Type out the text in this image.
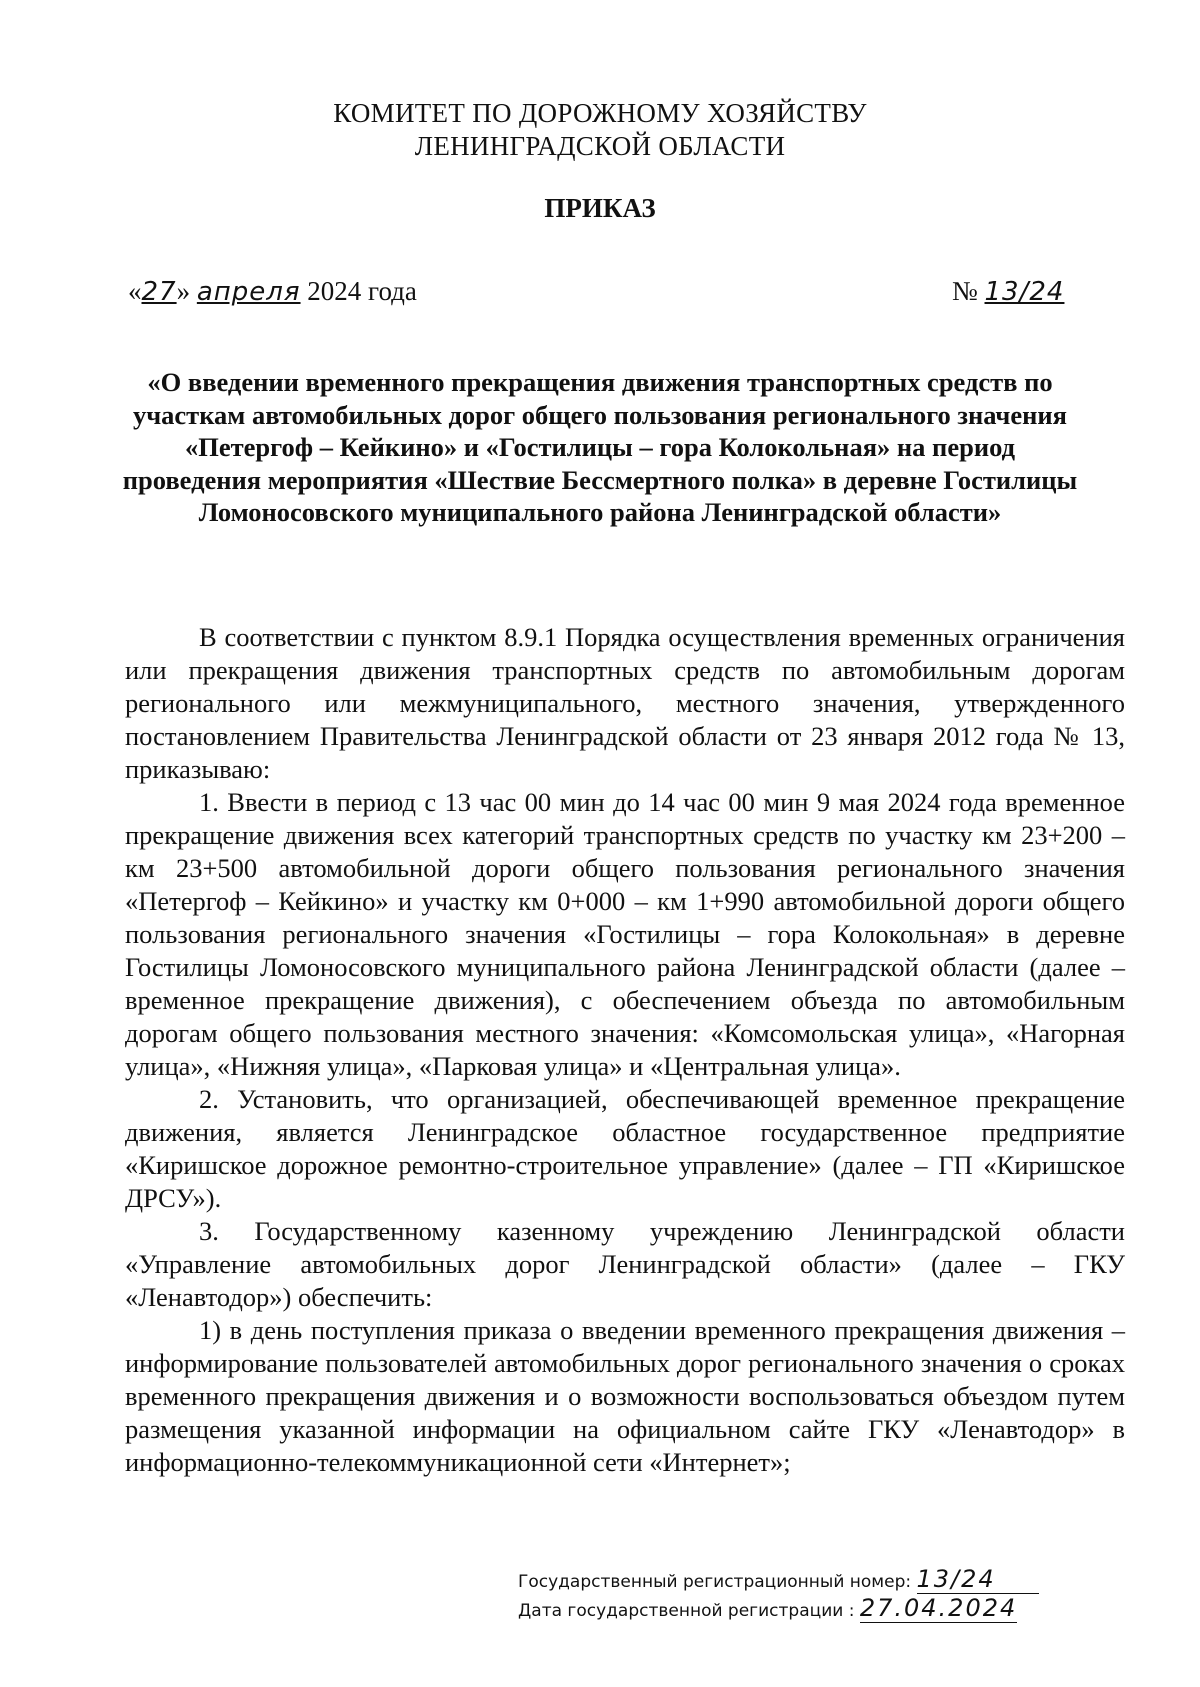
КОМИТЕТ ПО ДОРОЖНОМУ ХОЗЯЙСТВУ
ЛЕНИНГРАДСКОЙ ОБЛАСТИ
ПРИКАЗ
«27» апреля 2024 года	№ 13/24
«О введении временного прекращения движения транспортных средств по участкам автомобильных дорог общего пользования регионального значения «Петергоф – Кейкино» и «Гостилицы – гора Колокольная» на период проведения мероприятия «Шествие Бессмертного полка» в деревне Гостилицы Ломоносовского муниципального района Ленинградской области»

В соответствии с пунктом 8.9.1 Порядка осуществления временных ограничения или прекращения движения транспортных средств по автомобильным дорогам регионального или межмуниципального, местного значения, утвержденного постановлением Правительства Ленинградской области от 23 января 2012 года № 13, приказываю:

1. Ввести в период с 13 час 00 мин до 14 час 00 мин 9 мая 2024 года временное прекращение движения всех категорий транспортных средств по участку км 23+200 – км 23+500 автомобильной дороги общего пользования регионального значения «Петергоф – Кейкино» и участку км 0+000 – км 1+990 автомобильной дороги общего пользования регионального значения «Гостилицы – гора Колокольная» в деревне Гостилицы Ломоносовского муниципального района Ленинградской области (далее – временное прекращение движения), с обеспечением объезда по автомобильным дорогам общего пользования местного значения: «Комсомольская улица», «Нагорная улица», «Нижняя улица», «Парковая улица» и «Центральная улица».

2. Установить, что организацией, обеспечивающей временное прекращение движения, является Ленинградское областное государственное предприятие «Киришское дорожное ремонтно-строительное управление» (далее – ГП «Киришское ДРСУ»).

3. Государственному казенному учреждению Ленинградской области «Управление автомобильных дорог Ленинградской области» (далее – ГКУ «Ленавтодор») обеспечить:

1) в день поступления приказа о введении временного прекращения движения – информирование пользователей автомобильных дорог регионального значения о сроках временного прекращения движения и о возможности воспользоваться объездом путем размещения указанной информации на официальном сайте ГКУ «Ленавтодор» в информационно-телекоммуникационной сети «Интернет»;

Государственный регистрационный номер: 13/24
Дата государственной регистрации : 27.04.2024
